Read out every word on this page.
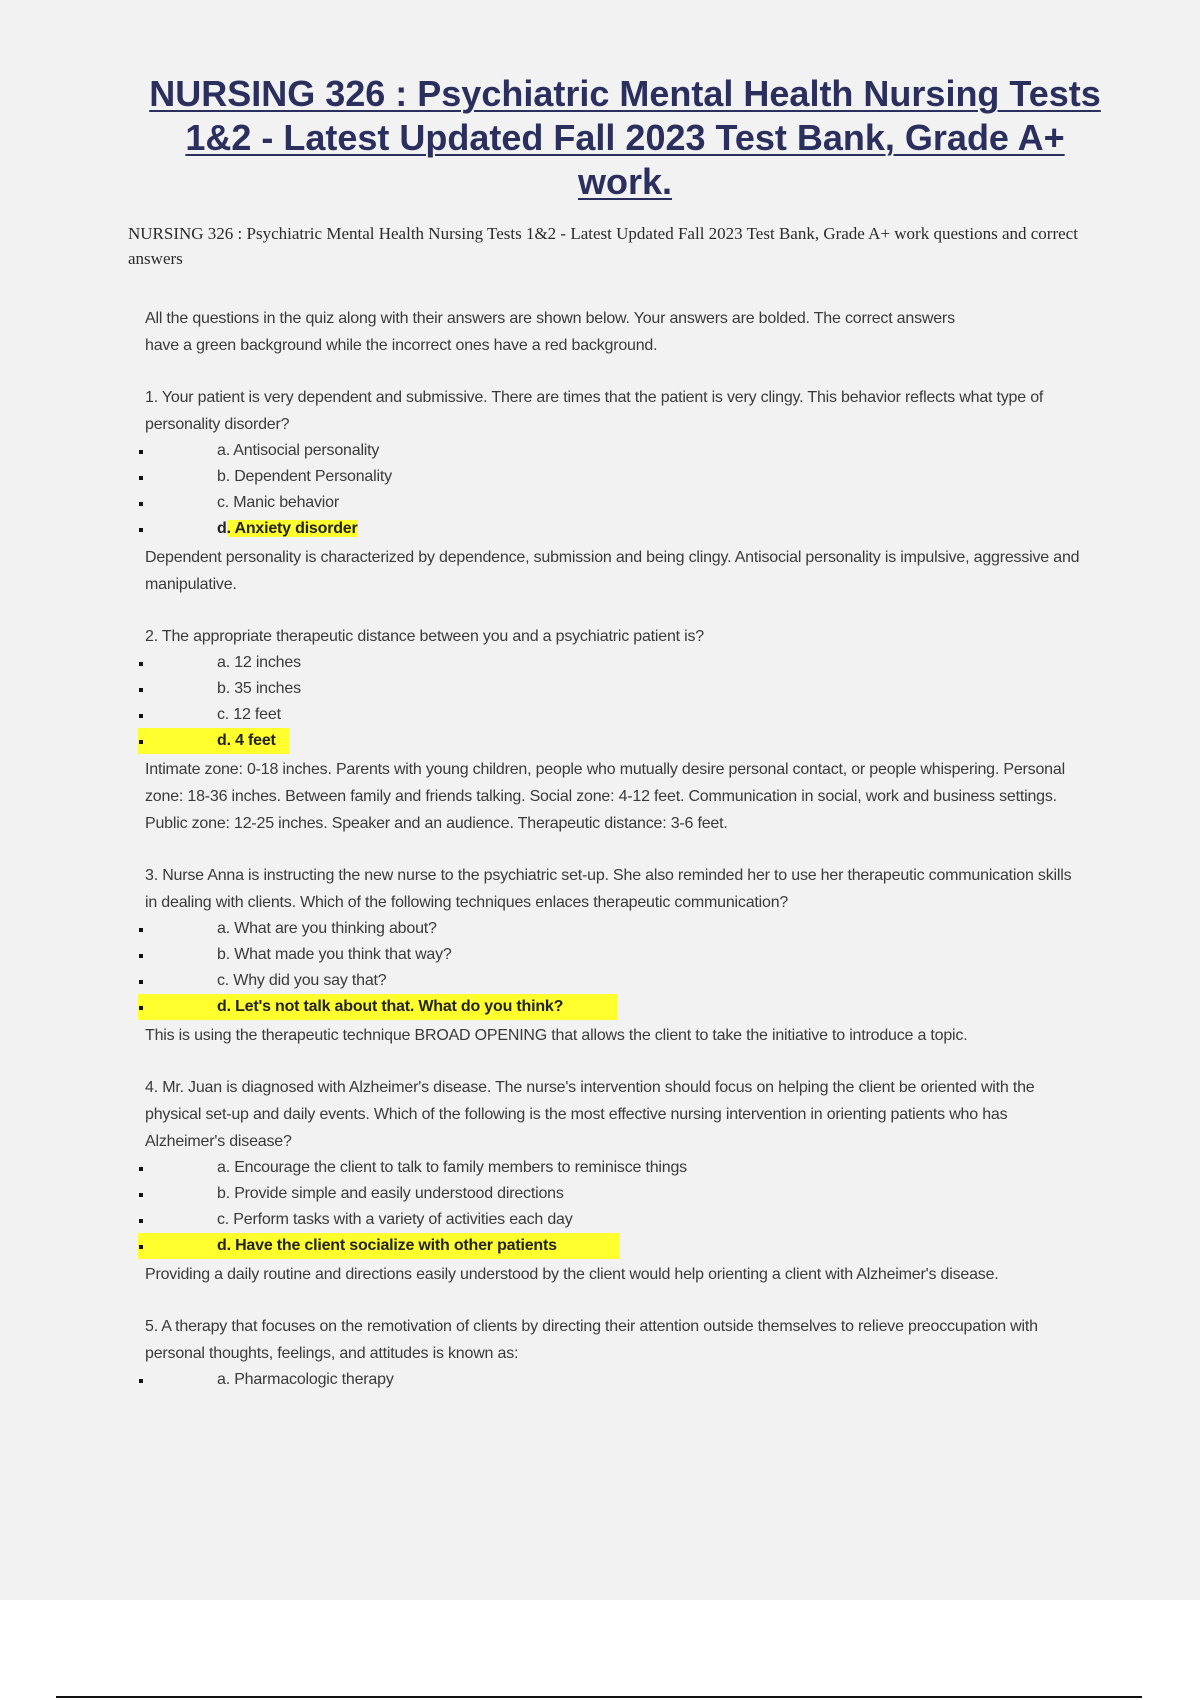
NURSING 326 : Psychiatric Mental Health Nursing Tests 1&2 - Latest Updated Fall 2023 Test Bank, Grade A+ work.

NURSING 326 : Psychiatric Mental Health Nursing Tests 1&2 - Latest Updated Fall 2023 Test Bank, Grade A+ work questions and correct answers

All the questions in the quiz along with their answers are shown below. Your answers are bolded. The correct answers have a green background while the incorrect ones have a red background.

1. Your patient is very dependent and submissive. There are times that the patient is very clingy. This behavior reflects what type of personality disorder?

a. Antisocial personality
b. Dependent Personality
c. Manic behavior
d. Anxiety disorder

Dependent personality is characterized by dependence, submission and being clingy. Antisocial personality is impulsive, aggressive and manipulative.

2. The appropriate therapeutic distance between you and a psychiatric patient is?

a. 12 inches
b. 35 inches
c. 12 feet
d. 4 feet

Intimate zone: 0-18 inches. Parents with young children, people who mutually desire personal contact, or people whispering. Personal zone: 18-36 inches. Between family and friends talking. Social zone: 4-12 feet. Communication in social, work and business settings. Public zone: 12-25 inches. Speaker and an audience. Therapeutic distance: 3-6 feet.

3. Nurse Anna is instructing the new nurse to the psychiatric set-up. She also reminded her to use her therapeutic communication skills in dealing with clients. Which of the following techniques enlaces therapeutic communication?

a. What are you thinking about?
b. What made you think that way?
c. Why did you say that?
d. Let's not talk about that. What do you think?

This is using the therapeutic technique BROAD OPENING that allows the client to take the initiative to introduce a topic.

4. Mr. Juan is diagnosed with Alzheimer's disease. The nurse's intervention should focus on helping the client be oriented with the physical set-up and daily events. Which of the following is the most effective nursing intervention in orienting patients who has Alzheimer's disease?

a. Encourage the client to talk to family members to reminisce things
b. Provide simple and easily understood directions
c. Perform tasks with a variety of activities each day
d. Have the client socialize with other patients

Providing a daily routine and directions easily understood by the client would help orienting a client with Alzheimer's disease.

5. A therapy that focuses on the remotivation of clients by directing their attention outside themselves to relieve preoccupation with personal thoughts, feelings, and attitudes is known as:

a. Pharmacologic therapy
